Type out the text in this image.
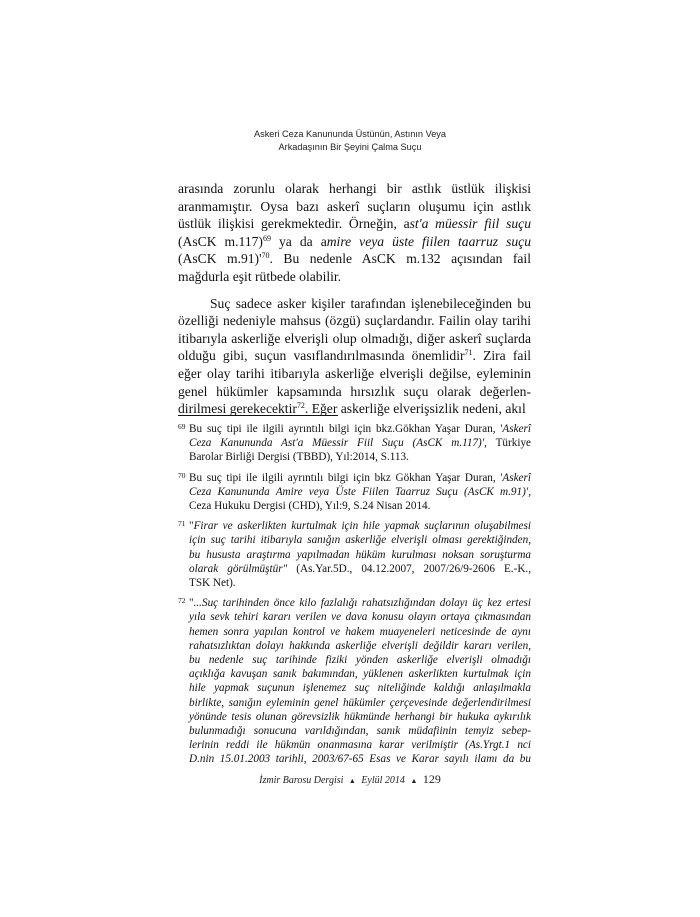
Askeri Ceza Kanununda Üstünün, Astının Veya
Arkadaşının Bir Şeyini Çalma Suçu
arasında zorunlu olarak herhangi bir astlık üstlük ilişkisi
aranmamıştır. Oysa bazı askerî suçların oluşumu için astlık
üstlük ilişkisi gerekmektedir. Örneğin, ast'a müessir fiil suçu
(AsCK m.117)$^{69}$ ya da amire veya üste fiilen taarruz suçu
(AsCK $m.91)'^{70}$. Bu nedenle AsCK m.132 açısından fail
mağdurla eşit rütbede olabilir.
Suç sadece asker kişiler tarafından işlenebileceğinden bu
özelliği nedeniyle mahsus (özgü) suçlardandır. Failin olay tarihi
itibarıyla askerliğe elverişli olup olmadığı, diğer askerî suçlarda
olduğu gibi, suçun vasıflandırılmasında önemlidir$^{71}$. Zira fail
eğer olay tarihi itibarıyla askerliğe elverişli değilse, eyleminin
genel hükümler kapsamında hırsızlık suçu olarak değerlen-
dirilmesi gerekecektir$^{72}$. Eğer askerliğe elverişsizlik nedeni, akıl
69 Bu suç tipi ile ilgili ayrıntılı bilgi için bkz.Gökhan Yaşar Duran, 'Askerî
Ceza Kanununda Ast'a Müessir Fiil Suçu (AsCK m.117)', Türkiye
Barolar Birliği Dergisi (TBBD), Yıl:2014, S.113.
70 Bu suç tipi ile ilgili ayrıntılı bilgi için bkz Gökhan Yaşar Duran, 'Askerî
Ceza Kanununda Amire veya Üste Fiilen Taarruz Suçu (AsCK m.91)',
Ceza Hukuku Dergisi (CHD), Yıl:9, S.24 Nisan 2014.
71 "Firar ve askerlikten kurtulmak için hile yapmak suçlarının oluşabilmesi
için suç tarihi itibarıyla sanığın askerliğe elverişli olması gerektiğinden,
bu hususta araştırma yapılmadan hüküm kurulması noksan soruşturma
olarak görülmüştür" (As.Yar.5D., 04.12.2007, 2007/26/9-2606 E.-K.,
TSK Net).
72 "...Suç tarihinden önce kilo fazlalığı rahatsızlığından dolayı üç kez ertesi
yıla sevk tehiri kararı verilen ve dava konusu olayın ortaya çıkmasından
hemen sonra yapılan kontrol ve hakem muayeneleri neticesinde de aynı
rahatsızlıktan dolayı hakkında askerliğe elverişli değildir kararı verilen,
bu nedenle suç tarihinde fiziki yönden askerliğe elverişli olmadığı
açıklığa kavuşan sanık bakımından, yüklenen askerlikten kurtulmak için
hile yapmak suçunun işlenemez suç niteliğinde kaldığı anlaşılmakla
birlikte, sanığın eyleminin genel hükümler çerçevesinde değerlendirilmesi
yönünde tesis olunan görevsizlik hükmünde herhangi bir hukuka aykırılık
bulunmadığı sonucuna varıldığından, sanık müdafiinin temyiz sebep-
lerinin reddi ile hükmün onanmasına karar verilmiştir (As.Yrgt.1 nci
D.nin 15.01.2003 tarihli, 2003/67-65 Esas ve Karar sayılı ilamı da bu
İzmir Barosu Dergisi ▲ Eylül 2014 ▲ 129
